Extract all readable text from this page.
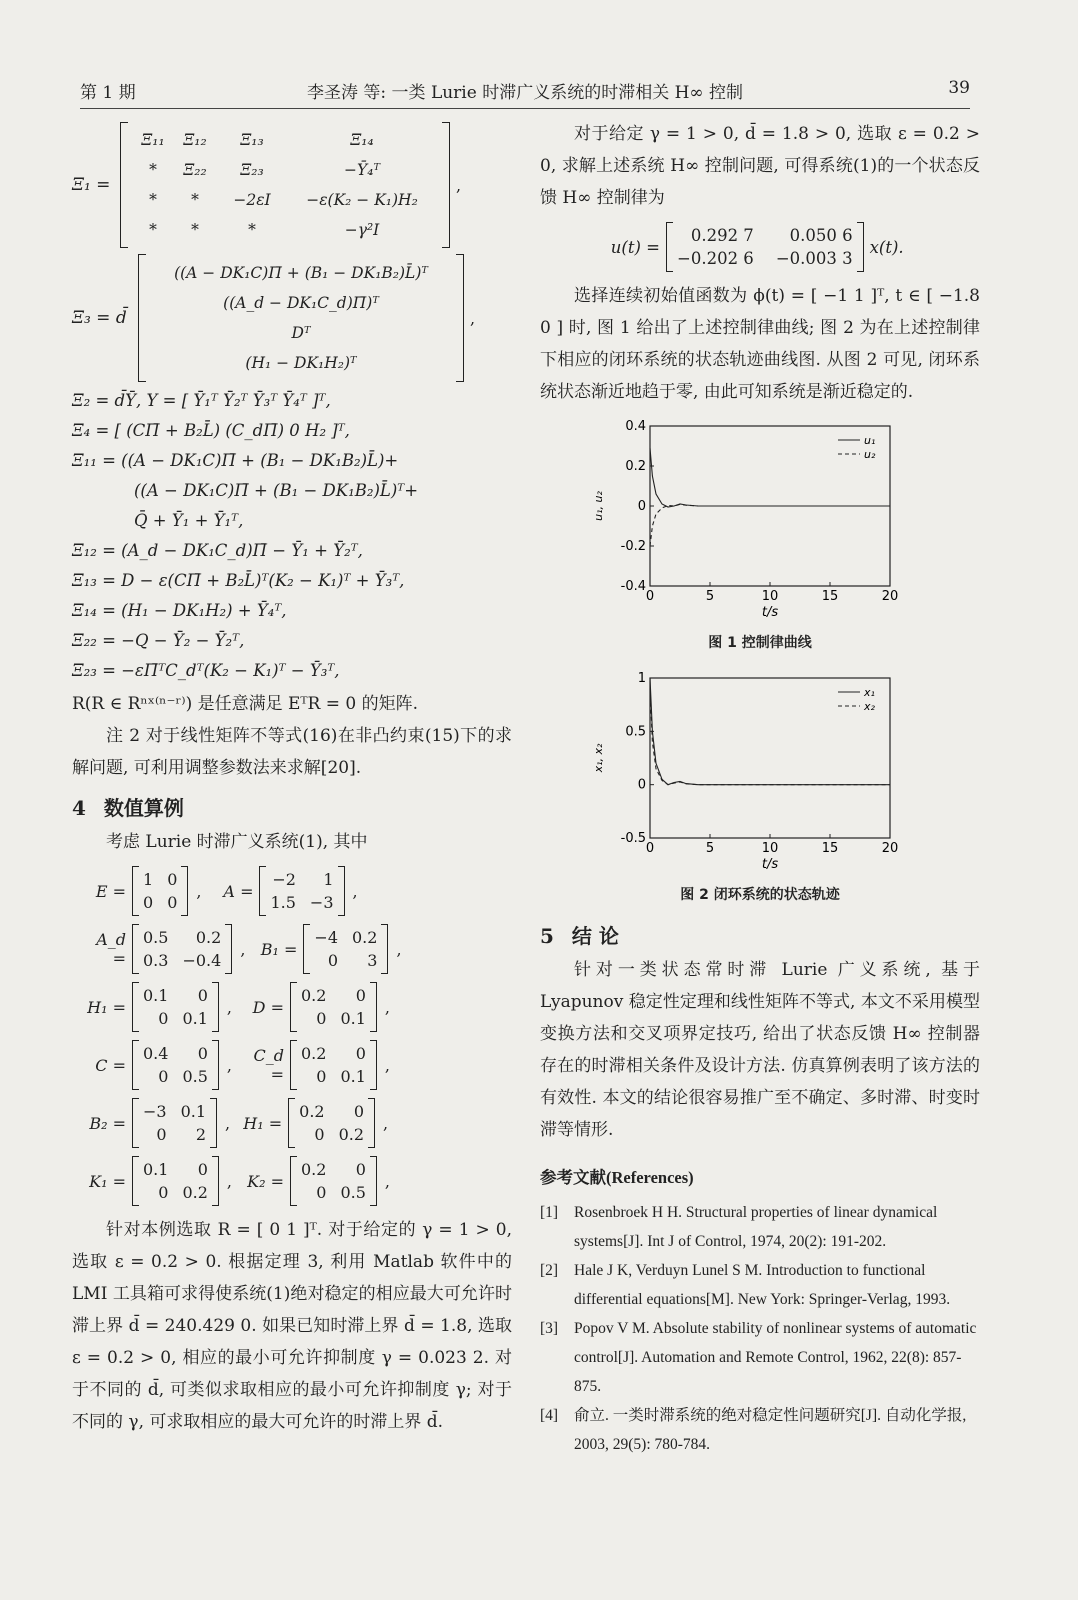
第 1 期	李圣涛 等: 一类 Lurie 时滞广义系统的时滞相关 H∞ 控制	39
Ξ₁ =
Ξ₁₁	Ξ₁₂	Ξ₁₃	Ξ₁₄
*	Ξ₂₂	Ξ₂₃	−Ȳ₄ᵀ
*	*	−2εI	−ε(K₂ − K₁)H₂
*	*	*	−γ²I
,
Ξ₃ = d̄
((A − DK₁C)Π̄ + (B₁ − DK₁B₂)L̄)ᵀ
((A_d − DK₁C_d)Π̄)ᵀ
Dᵀ
(H₁ − DK₁H₂)ᵀ
,
Ξ₂ = d̄Ȳ, Y = [ Ȳ₁ᵀ Ȳ₂ᵀ Ȳ₃ᵀ Ȳ₄ᵀ ]ᵀ,
Ξ₄ = [ (CΠ̄ + B₂L̄) (C_dΠ̄) 0 H₂ ]ᵀ,
Ξ₁₁ = ((A − DK₁C)Π̄ + (B₁ − DK₁B₂)L̄)+
((A − DK₁C)Π̄ + (B₁ − DK₁B₂)L̄)ᵀ+
Q̄ + Ȳ₁ + Ȳ₁ᵀ,
Ξ₁₂ = (A_d − DK₁C_d)Π̄ − Ȳ₁ + Ȳ₂ᵀ,
Ξ₁₃ = D − ε(CΠ̄ + B₂L̄)ᵀ(K₂ − K₁)ᵀ + Ȳ₃ᵀ,
Ξ₁₄ = (H₁ − DK₁H₂) + Ȳ₄ᵀ,
Ξ₂₂ = −Q − Ȳ₂ − Ȳ₂ᵀ,
Ξ₂₃ = −εΠ̄ᵀC_dᵀ(K₂ − K₁)ᵀ − Ȳ₃ᵀ,
R(R ∈ Rⁿˣ⁽ⁿ⁻ʳ⁾) 是任意满足 EᵀR = 0 的矩阵.
注 2 对于线性矩阵不等式(16)在非凸约束(15)下的求解问题, 可利用调整参数法来求解[20].
4 数值算例
考虑 Lurie 时滞广义系统(1), 其中
E =
1 0
0 0
,	A =
−2	1
1.5 −3
,
A_d =
0.5	0.2
0.3 −0.4
, B₁ =
−4 0.2
0	3
,
H₁ =
0.1	0
0 0.1
,	D =
0.2	0
0 0.1
,
C =
0.4	0
0 0.5
,	C_d =
0.2	0
0 0.1
,
B₂ =
−3 0.1
0	2
, H₁ =
0.2	0
0 0.2
,
K₁ =
0.1	0
0 0.2
, K₂ =
0.2	0
0 0.5
,
针对本例选取 R = [ 0 1 ]ᵀ. 对于给定的 γ = 1 > 0, 选取 ε = 0.2 > 0. 根据定理 3, 利用 Matlab 软件中的 LMI 工具箱可求得使系统(1)绝对稳定的相应最大可允许时滞上界 d̄ = 240.429 0. 如果已知时滞上界 d̄ = 1.8, 选取 ε = 0.2 > 0, 相应的最小可允许抑制度 γ = 0.023 2. 对于不同的 d̄, 可类似求取相应的最小可允许抑制度 γ; 对于不同的 γ, 可求取相应的最大可允许的时滞上界 d̄.
对于给定 γ = 1 > 0, d̄ = 1.8 > 0, 选取 ε = 0.2 > 0, 求解上述系统 H∞ 控制问题, 可得系统(1)的一个状态反馈 H∞ 控制律为
u(t) =
0.292 7	0.050 6
−0.202 6 −0.003 3
x(t).
选择连续初始值函数为 ϕ(t) = [ −1 1 ]ᵀ, t ∈ [ −1.8 0 ] 时, 图 1 给出了上述控制律曲线; 图 2 为在上述控制律下相应的闭环系统的状态轨迹曲线图. 从图 2 可见, 闭环系统状态渐近地趋于零, 由此可知系统是渐近稳定的.
0	5	10	15	20
0.4
0.2
0
-0.2
-0.4
t/s
u₁, u₂
u₁
u₂
图 1 控制律曲线
0	5	10	15	20
1
0.5
0
-0.5
t/s
x₁, x₂
x₁
x₂
图 2 闭环系统的状态轨迹
5 结 论
针对一类状态常时滞 Lurie 广义系统, 基于 Lyapunov 稳定性定理和线性矩阵不等式, 本文不采用模型变换方法和交叉项界定技巧, 给出了状态反馈 H∞ 控制器存在的时滞相关条件及设计方法. 仿真算例表明了该方法的有效性. 本文的结论很容易推广至不确定、多时滞、时变时滞等情形.
参考文献(References)
[1]	Rosenbroek H H. Structural properties of linear dynamical systems[J]. Int J of Control, 1974, 20(2): 191-202.
[2]	Hale J K, Verduyn Lunel S M. Introduction to functional differential equations[M]. New York: Springer-Verlag, 1993.
[3]	Popov V M. Absolute stability of nonlinear systems of automatic control[J]. Automation and Remote Control, 1962, 22(8): 857-875.
[4]	俞立. 一类时滞系统的绝对稳定性问题研究[J]. 自动化学报, 2003, 29(5): 780-784.
